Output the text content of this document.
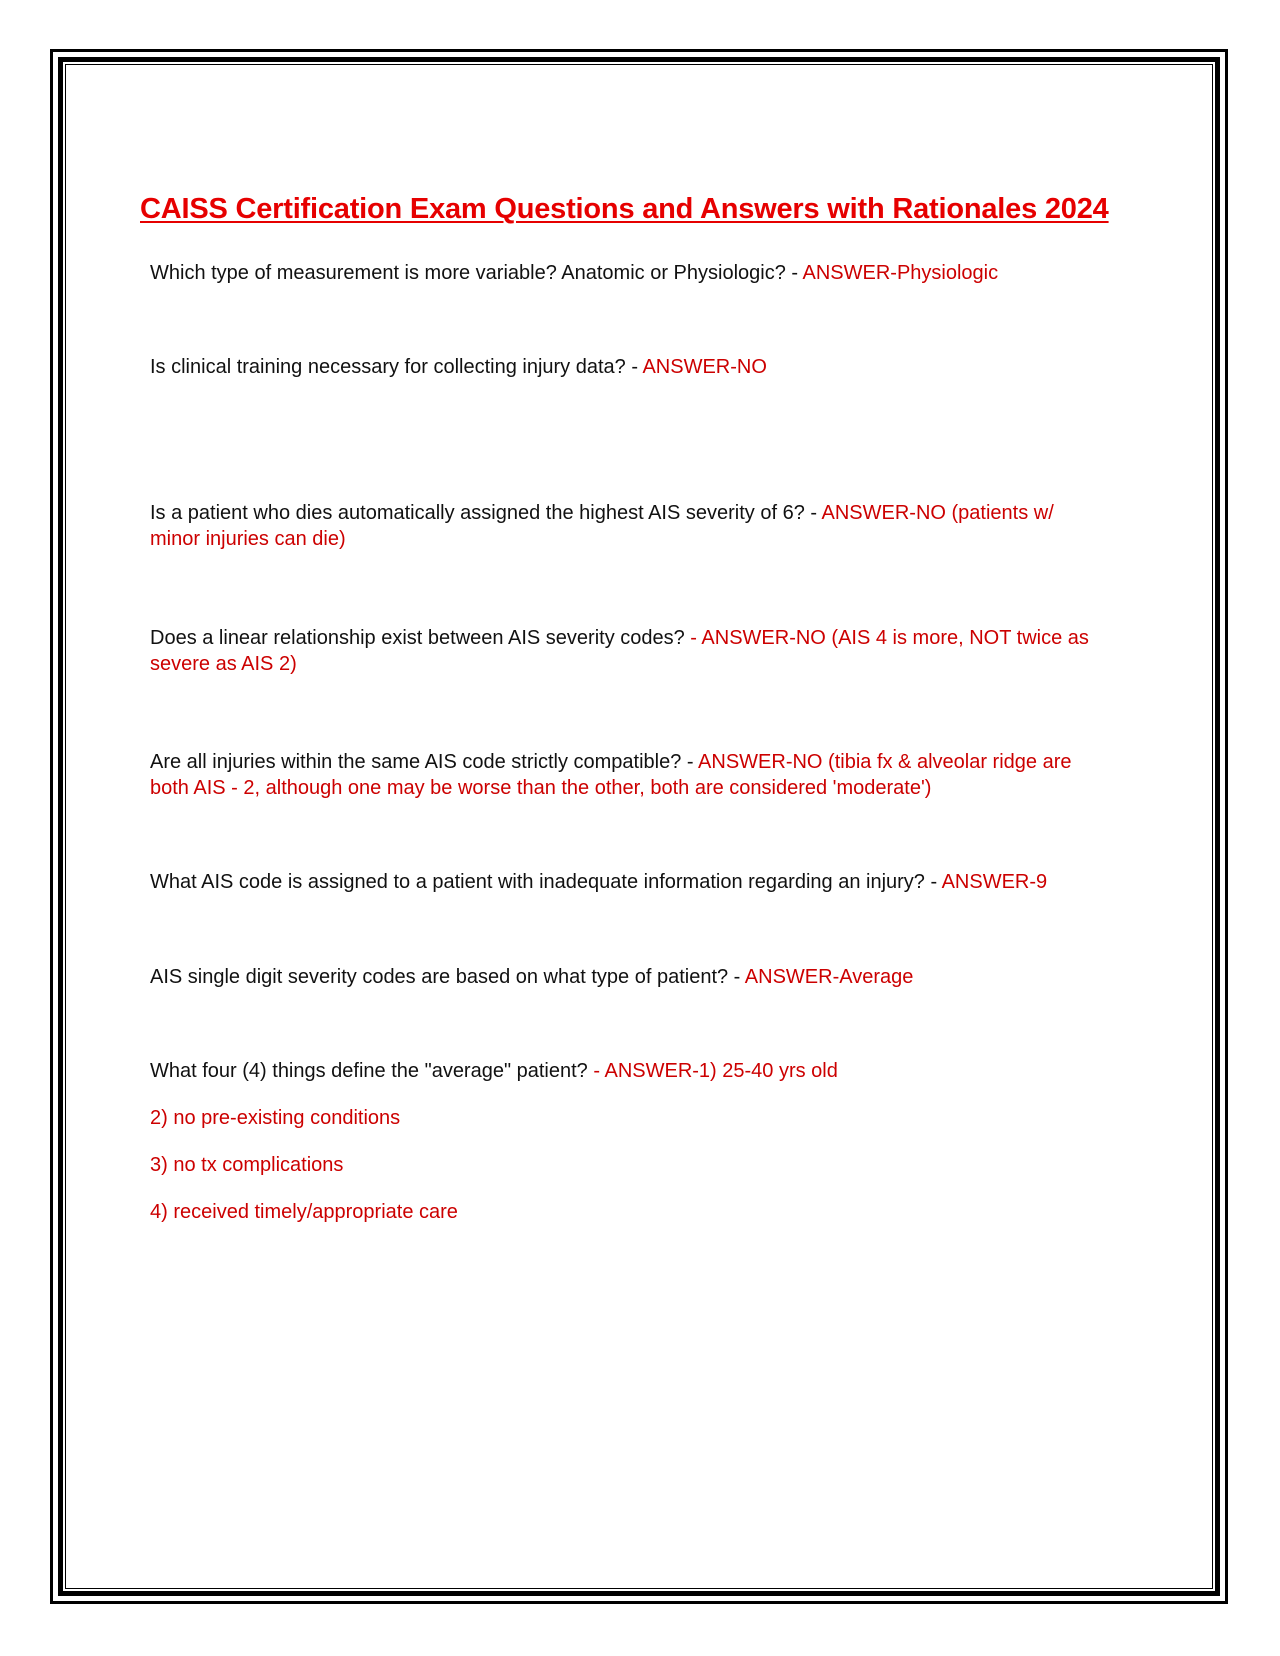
CAISS Certification Exam Questions and Answers with Rationales 2024

Which type of measurement is more variable? Anatomic or Physiologic? - ANSWER-Physiologic

Is clinical training necessary for collecting injury data? - ANSWER-NO

Is a patient who dies automatically assigned the highest AIS severity of 6? - ANSWER-NO (patients w/ minor injuries can die)

Does a linear relationship exist between AIS severity codes? - ANSWER-NO (AIS 4 is more, NOT twice as severe as AIS 2)

Are all injuries within the same AIS code strictly compatible? - ANSWER-NO (tibia fx & alveolar ridge are both AIS - 2, although one may be worse than the other, both are considered 'moderate')

What AIS code is assigned to a patient with inadequate information regarding an injury? - ANSWER-9

AIS single digit severity codes are based on what type of patient? - ANSWER-Average

What four (4) things define the "average" patient? - ANSWER-1) 25-40 yrs old

2) no pre-existing conditions

3) no tx complications

4) received timely/appropriate care
